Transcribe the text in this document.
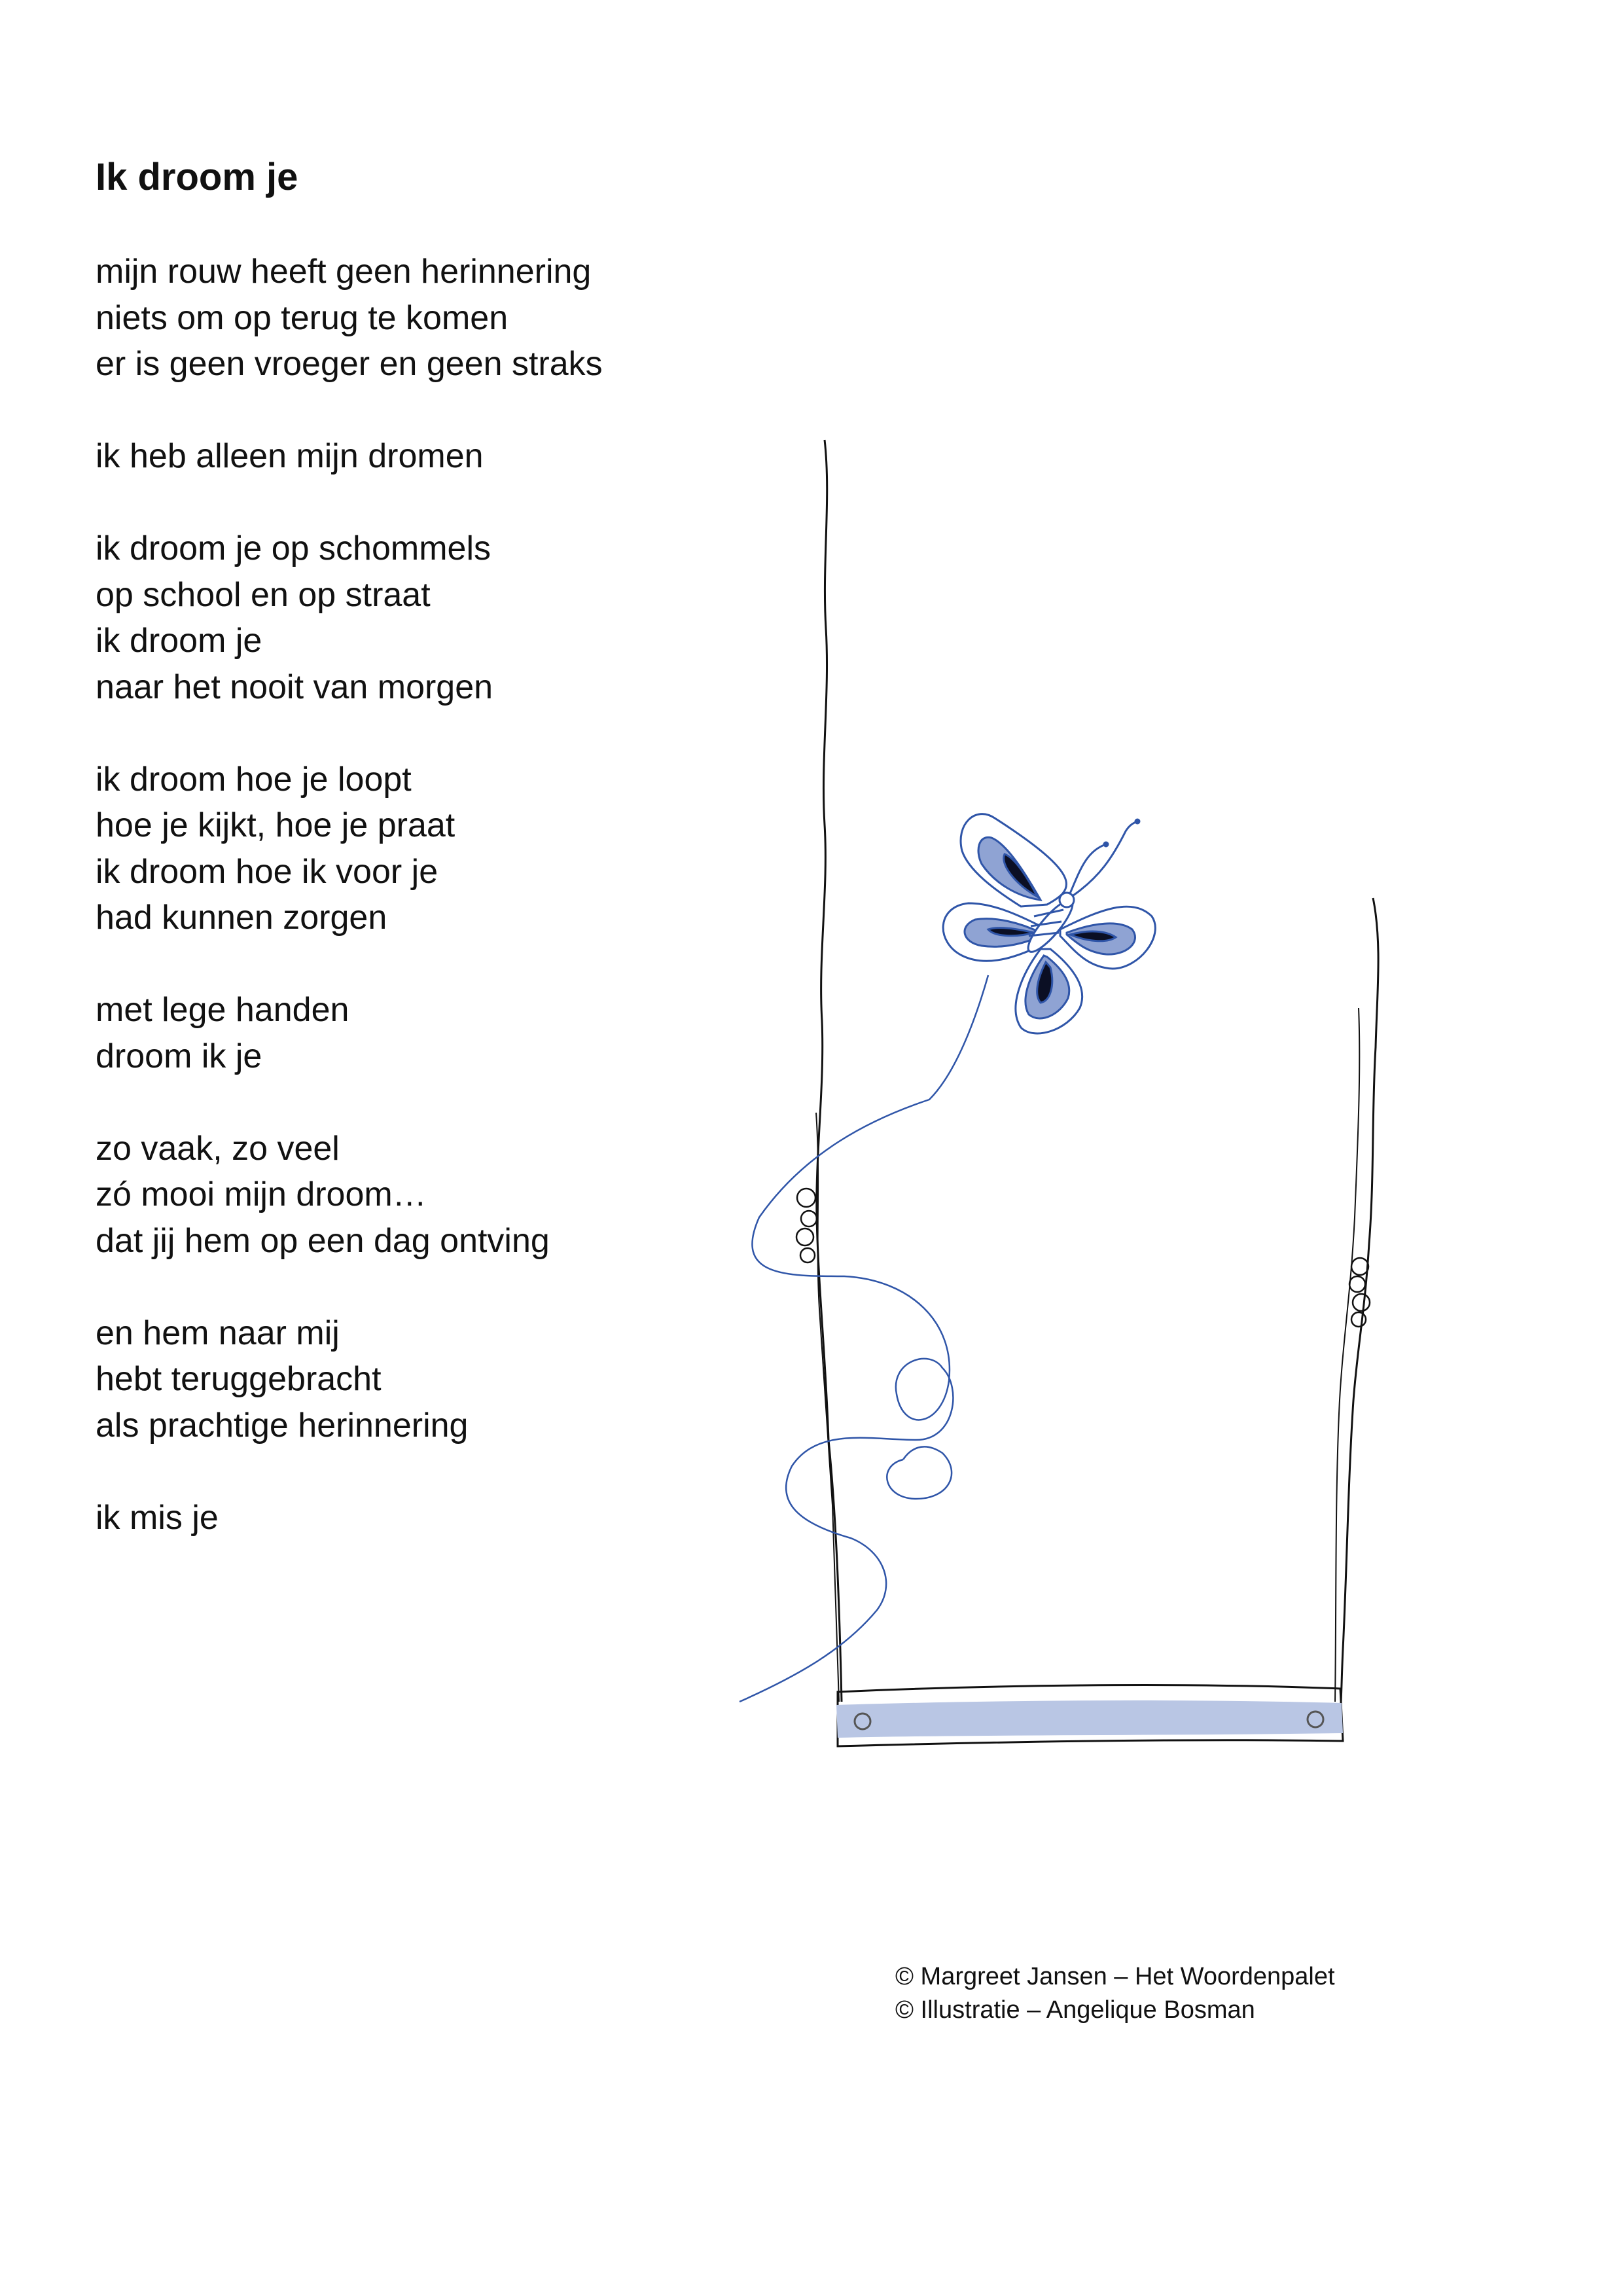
Ik droom je
mijn rouw heeft geen herinnering
niets om op terug te komen
er is geen vroeger en geen straks
ik heb alleen mijn dromen
ik droom je op schommels
op school en op straat
ik droom je
naar het nooit van morgen
ik droom hoe je loopt
hoe je kijkt, hoe je praat
ik droom hoe ik voor je
had kunnen zorgen
met lege handen
droom ik je
zo vaak, zo veel
zó mooi mijn droom…
dat jij hem op een dag ontving
en hem naar mij
hebt teruggebracht
als prachtige herinnering
ik mis je
© Margreet Jansen – Het Woordenpalet
© Illustratie – Angelique Bosman
